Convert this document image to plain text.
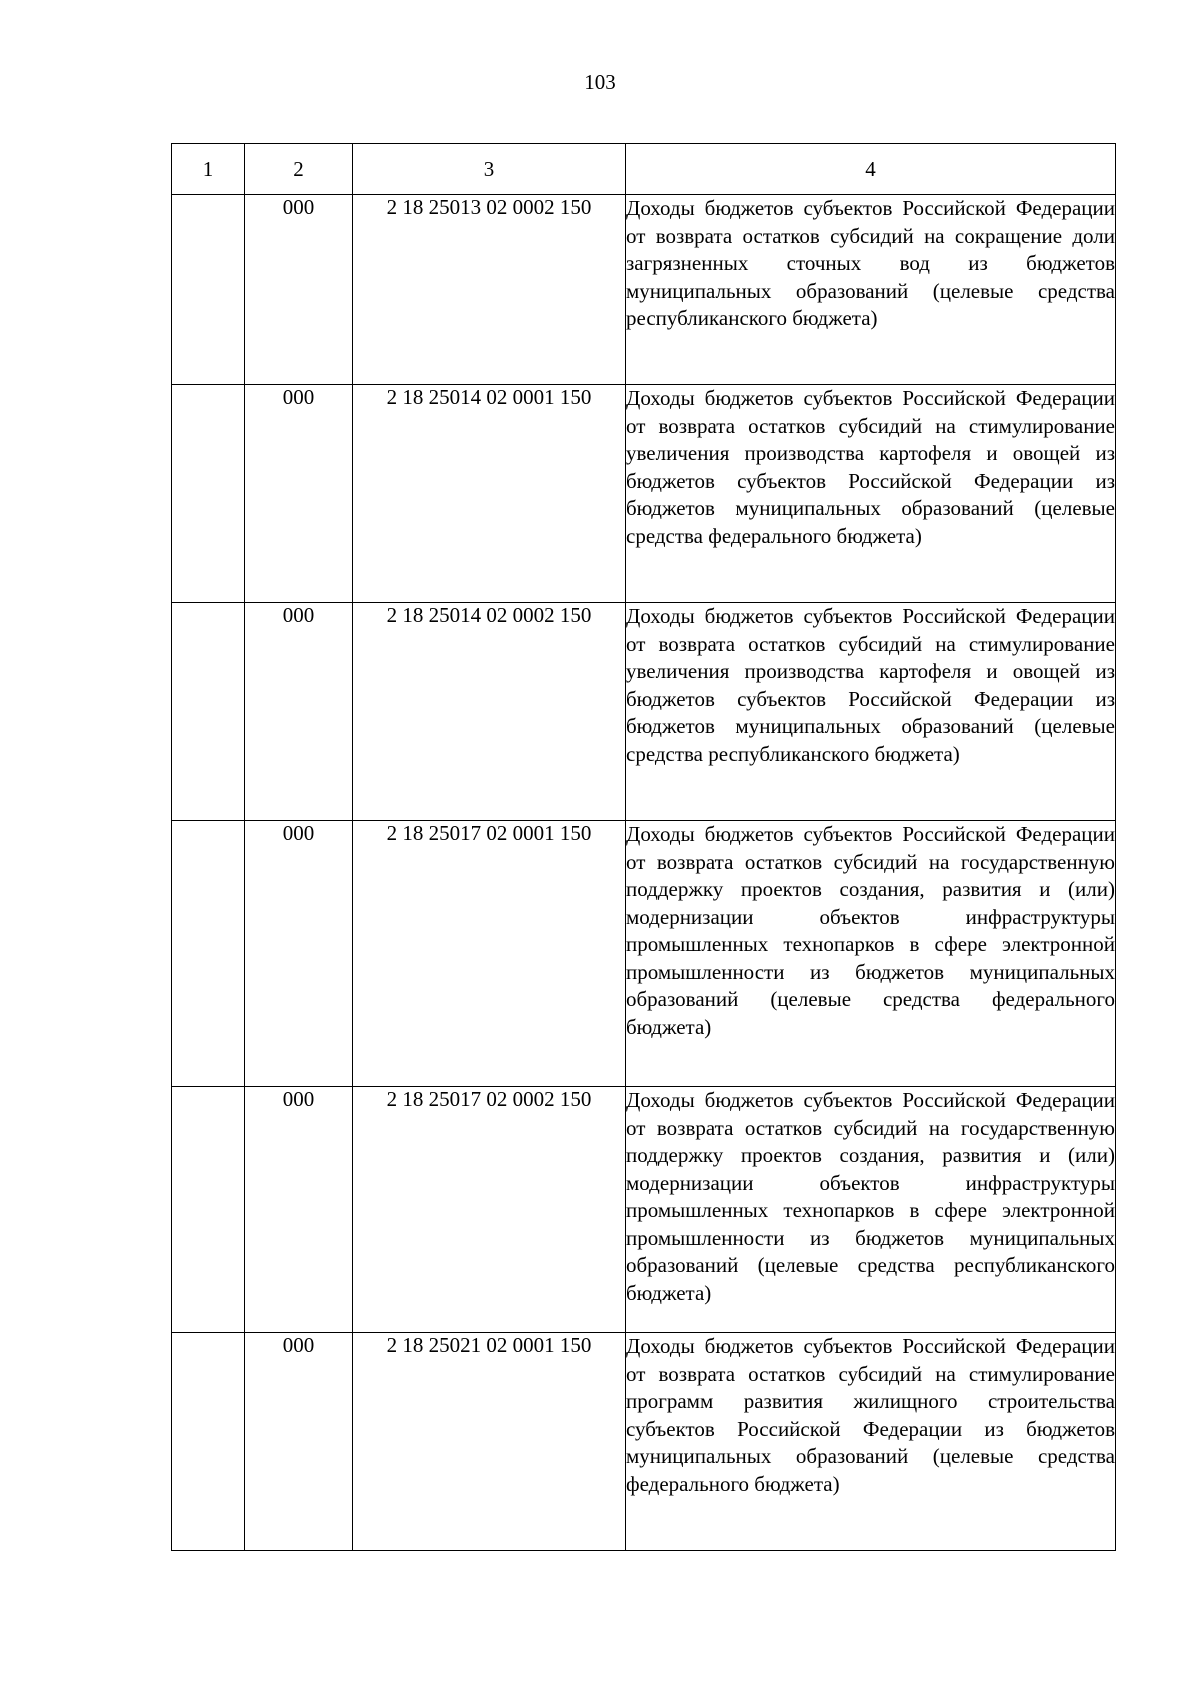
103
1	2	3	4
	000	2 18 25013 02 0002 150	Доходы бюджетов субъектов Российской Федерации от возврата остатков субсидий на сокращение доли загрязненных сточных вод из бюджетов муниципальных образований (целевые средства республиканского бюджета)
	000	2 18 25014 02 0001 150	Доходы бюджетов субъектов Российской Федерации от возврата остатков субсидий на стимулирование увеличения производства картофеля и овощей из бюджетов субъектов Российской Федерации из бюджетов муниципальных образований (целевые средства федерального бюджета)
	000	2 18 25014 02 0002 150	Доходы бюджетов субъектов Российской Федерации от возврата остатков субсидий на стимулирование увеличения производства картофеля и овощей из бюджетов субъектов Российской Федерации из бюджетов муниципальных образований (целевые средства республиканского бюджета)
	000	2 18 25017 02 0001 150	Доходы бюджетов субъектов Российской Федерации от возврата остатков субсидий на государственную поддержку проектов создания, развития и (или) модернизации объектов инфраструктуры промышленных технопарков в сфере электронной промышленности из бюджетов муниципальных образований (целевые средства федерального бюджета)
	000	2 18 25017 02 0002 150	Доходы бюджетов субъектов Российской Федерации от возврата остатков субсидий на государственную поддержку проектов создания, развития и (или) модернизации объектов инфраструктуры промышленных технопарков в сфере электронной промышленности из бюджетов муниципальных образований (целевые средства республиканского бюджета)
	000	2 18 25021 02 0001 150	Доходы бюджетов субъектов Российской Федерации от возврата остатков субсидий на стимулирование программ развития жилищного строительства субъектов Российской Федерации из бюджетов муниципальных образований (целевые средства федерального бюджета)
